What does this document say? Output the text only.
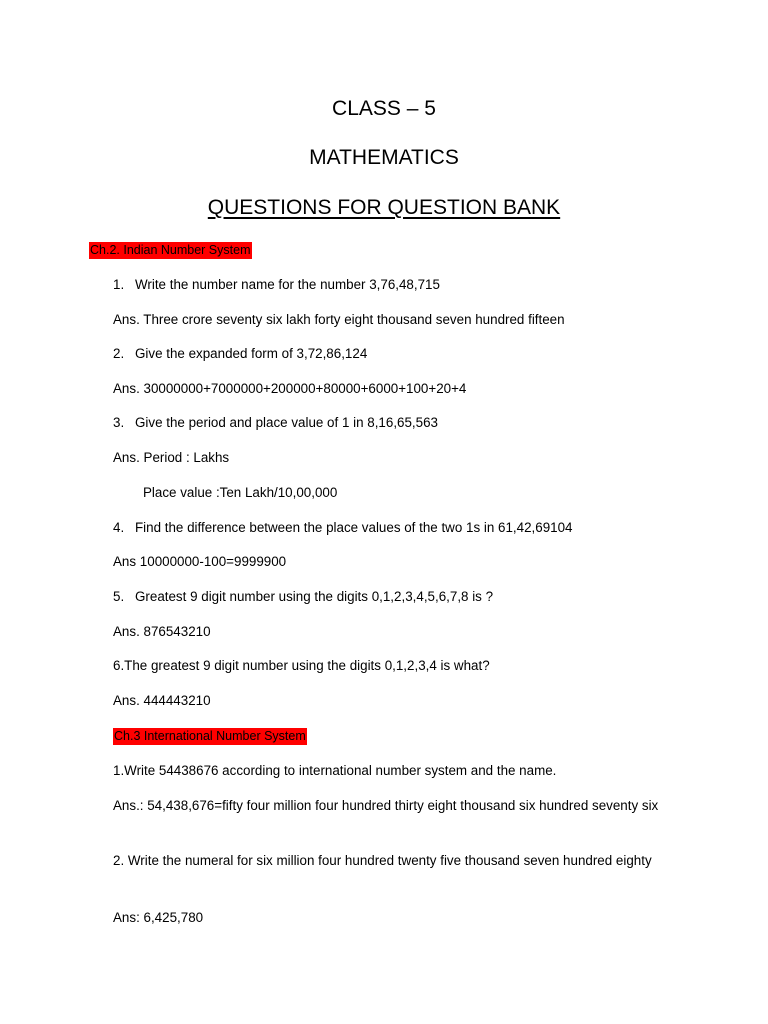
CLASS – 5
MATHEMATICS
QUESTIONS FOR QUESTION BANK
Ch.2. Indian Number System
1. Write the number name for the number 3,76,48,715
Ans. Three crore seventy six lakh forty eight thousand seven hundred fifteen
2. Give the expanded form of 3,72,86,124
Ans. 30000000+7000000+200000+80000+6000+100+20+4
3. Give the period and place value of 1 in 8,16,65,563
Ans. Period : Lakhs
Place value :Ten Lakh/10,00,000
4. Find the difference between the place values of the two 1s in 61,42,69104
Ans 10000000-100=9999900
5. Greatest 9 digit number using the digits 0,1,2,3,4,5,6,7,8 is ?
Ans. 876543210
6.The greatest 9 digit number using the digits 0,1,2,3,4 is what?
Ans. 444443210
Ch.3 International Number System
1.Write 54438676 according to international number system and the name.
Ans.: 54,438,676=fifty four million four hundred thirty eight thousand six hundred seventy six
2. Write the numeral for six million four hundred twenty five thousand seven hundred eighty
Ans: 6,425,780
